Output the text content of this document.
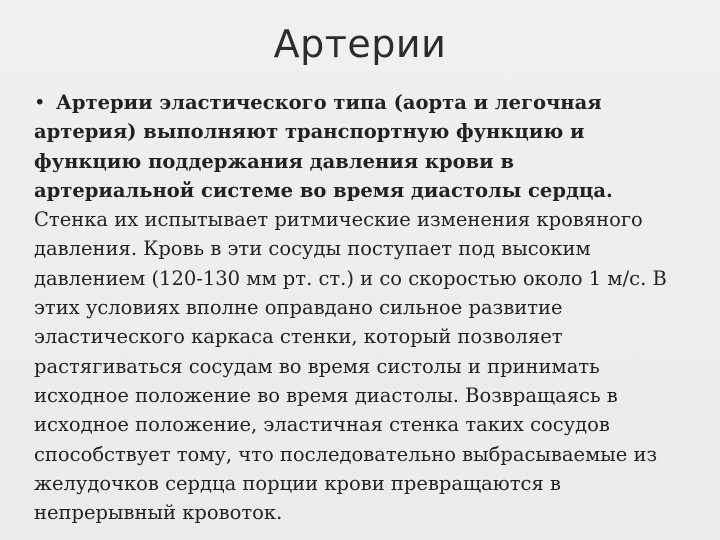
Артерии
• Артерии эластического типа (аорта и легочная
артерия) выполняют транспортную функцию и
функцию поддержания давления крови в
артериальной системе во время диастолы сердца.
Стенка их испытывает ритмические изменения кровяного
давления. Кровь в эти сосуды поступает под высоким
давлением (120-130 мм рт. ст.) и со скоростью около 1 м/с. В
этих условиях вполне оправдано сильное развитие
эластического каркаса стенки, который позволяет
растягиваться сосудам во время систолы и принимать
исходное положение во время диастолы. Возвращаясь в
исходное положение, эластичная стенка таких сосудов
способствует тому, что последовательно выбрасываемые из
желудочков сердца порции крови превращаются в
непрерывный кровоток.
